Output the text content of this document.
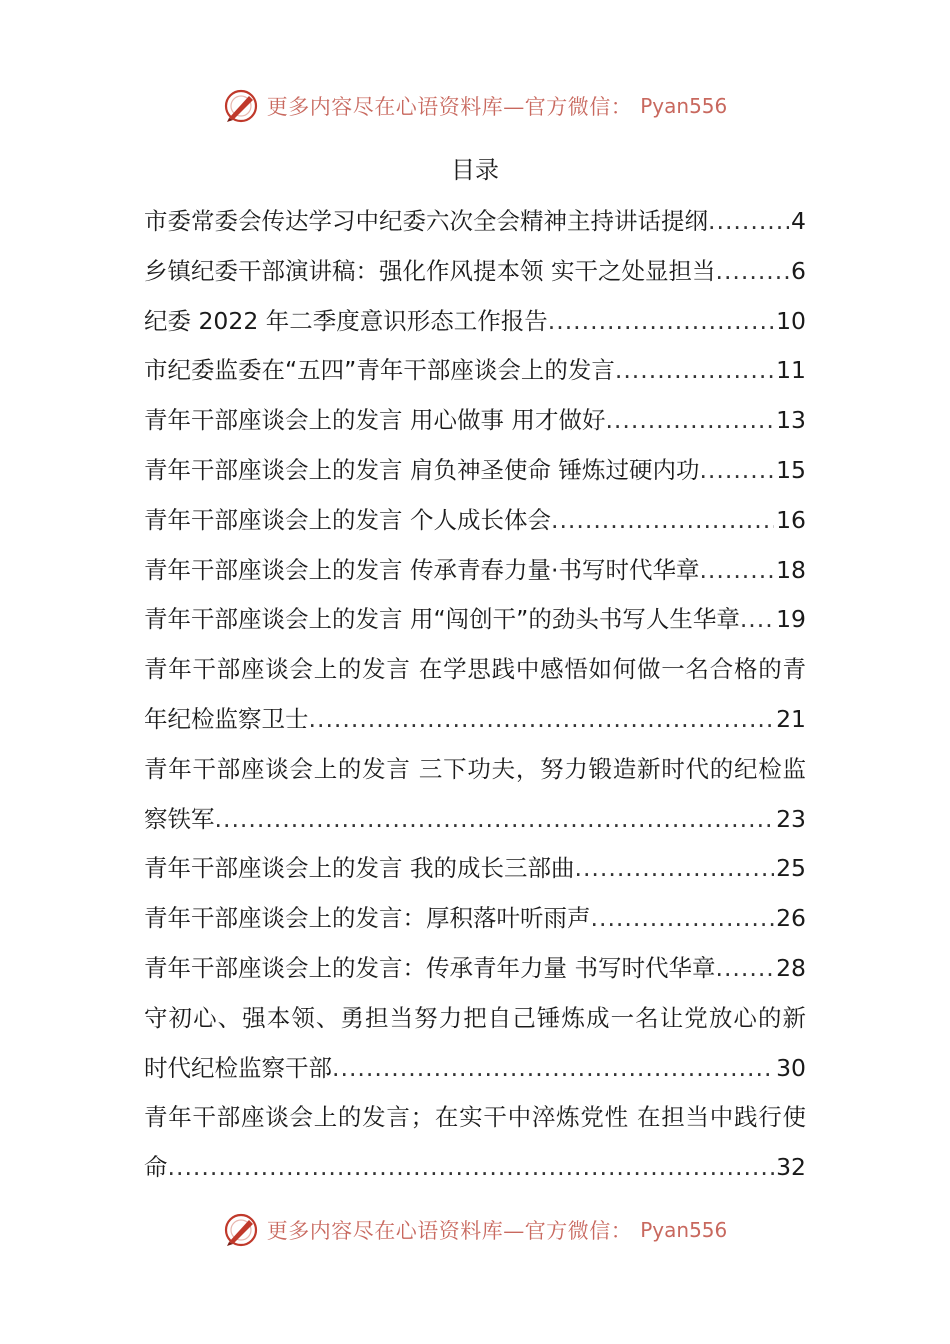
更多内容尽在心语资料库—官方微信： Pyan556
目录
市委常委会传达学习中纪委六次全会精神主持讲话提纲 .....	4
乡镇纪委干部演讲稿：强化作风提本领 实干之处显担当 .....	6
纪委 2022 年二季度意识形态工作报告 .....	10
市纪委监委在“五四”青年干部座谈会上的发言 .....	11
青年干部座谈会上的发言 用心做事 用才做好 .....	13
青年干部座谈会上的发言 肩负神圣使命 锤炼过硬内功 .....	15
青年干部座谈会上的发言 个人成长体会 .....	16
青年干部座谈会上的发言 传承青春力量·书写时代华章 .....	18
青年干部座谈会上的发言 用“闯创干”的劲头书写人生华章 ..... 19
青年干部座谈会上的发言 在学思践中感悟如何做一名合格的青
年纪检监察卫士 .....	21
青年干部座谈会上的发言 三下功夫，努力锻造新时代的纪检监
察铁军 .....	23
青年干部座谈会上的发言 我的成长三部曲 .....	25
青年干部座谈会上的发言：厚积落叶听雨声 .....	26
青年干部座谈会上的发言：传承青年力量 书写时代华章 .....	28
守初心、强本领、勇担当努力把自己锤炼成一名让党放心的新
时代纪检监察干部 .....	30
青年干部座谈会上的发言；在实干中淬炼党性 在担当中践行使
命 .....	32
更多内容尽在心语资料库—官方微信： Pyan556
